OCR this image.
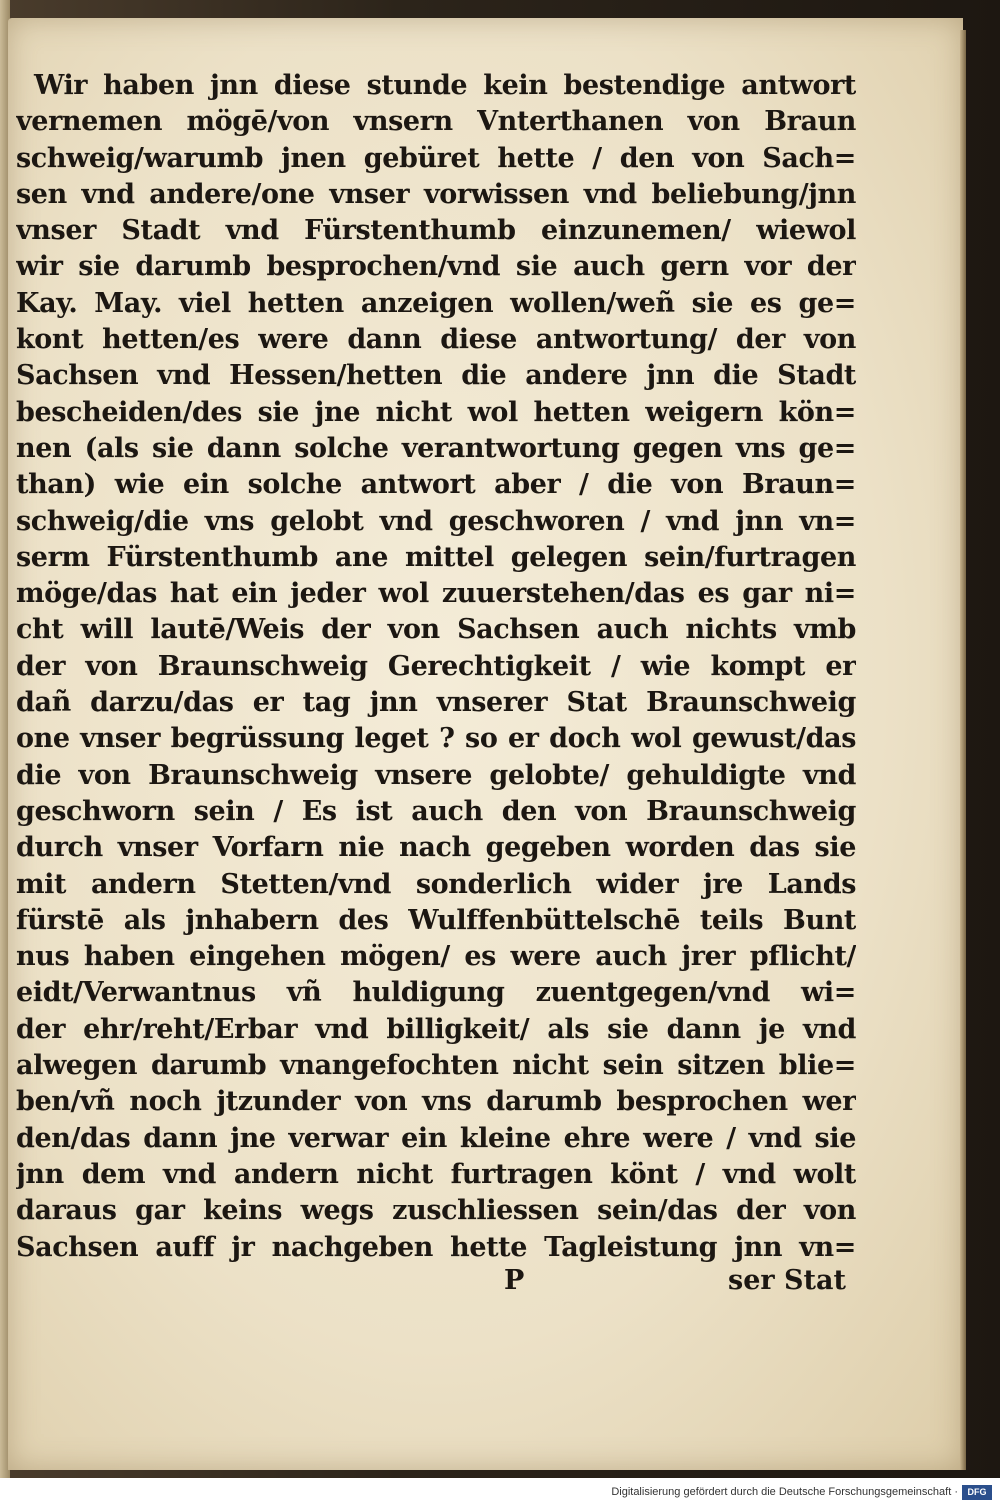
Wir haben jnn diese stunde kein bestendige antwort
vernemen mögē/von vnsern Vnterthanen von Braun
schweig/warumb jnen gebüret hette / den von Sach=
sen vnd andere/one vnser vorwissen vnd beliebung/jnn
vnser Stadt vnd Fürstenthumb einzunemen/ wiewol
wir sie darumb besprochen/vnd sie auch gern vor der
Kay. May. viel hetten anzeigen wollen/weñ sie es ge=
kont hetten/es were dann diese antwortung/ der von
Sachsen vnd Hessen/hetten die andere jnn die Stadt
bescheiden/des sie jne nicht wol hetten weigern kön=
nen (als sie dann solche verantwortung gegen vns ge=
than) wie ein solche antwort aber / die von Braun=
schweig/die vns gelobt vnd geschworen / vnd jnn vn=
serm Fürstenthumb ane mittel gelegen sein/furtragen
möge/das hat ein jeder wol zuuerstehen/das es gar ni=
cht will lautē/Weis der von Sachsen auch nichts vmb
der von Braunschweig Gerechtigkeit / wie kompt er
dañ darzu/das er tag jnn vnserer Stat Braunschweig
one vnser begrüssung leget ? so er doch wol gewust/das
die von Braunschweig vnsere gelobte/ gehuldigte vnd
geschworn sein / Es ist auch den von Braunschweig
durch vnser Vorfarn nie nach gegeben worden das sie
mit andern Stetten/vnd sonderlich wider jre Lands
fürstē als jnhabern des Wulffenbüttelschē teils Bunt
nus haben eingehen mögen/ es were auch jrer pflicht/
eidt/Verwantnus vñ huldigung zuentgegen/vnd wi=
der ehr/reht/Erbar vnd billigkeit/ als sie dann je vnd
alwegen darumb vnangefochten nicht sein sitzen blie=
ben/vñ noch jtzunder von vns darumb besprochen wer
den/das dann jne verwar ein kleine ehre were / vnd sie
jnn dem vnd andern nicht furtragen könt / vnd wolt
daraus gar keins wegs zuschliessen sein/das der von
Sachsen auff jr nachgeben hette Tagleistung jnn vn=
P	ser Stat
Digitalisierung gefördert durch die Deutsche Forschungsgemeinschaft ·	DFG
